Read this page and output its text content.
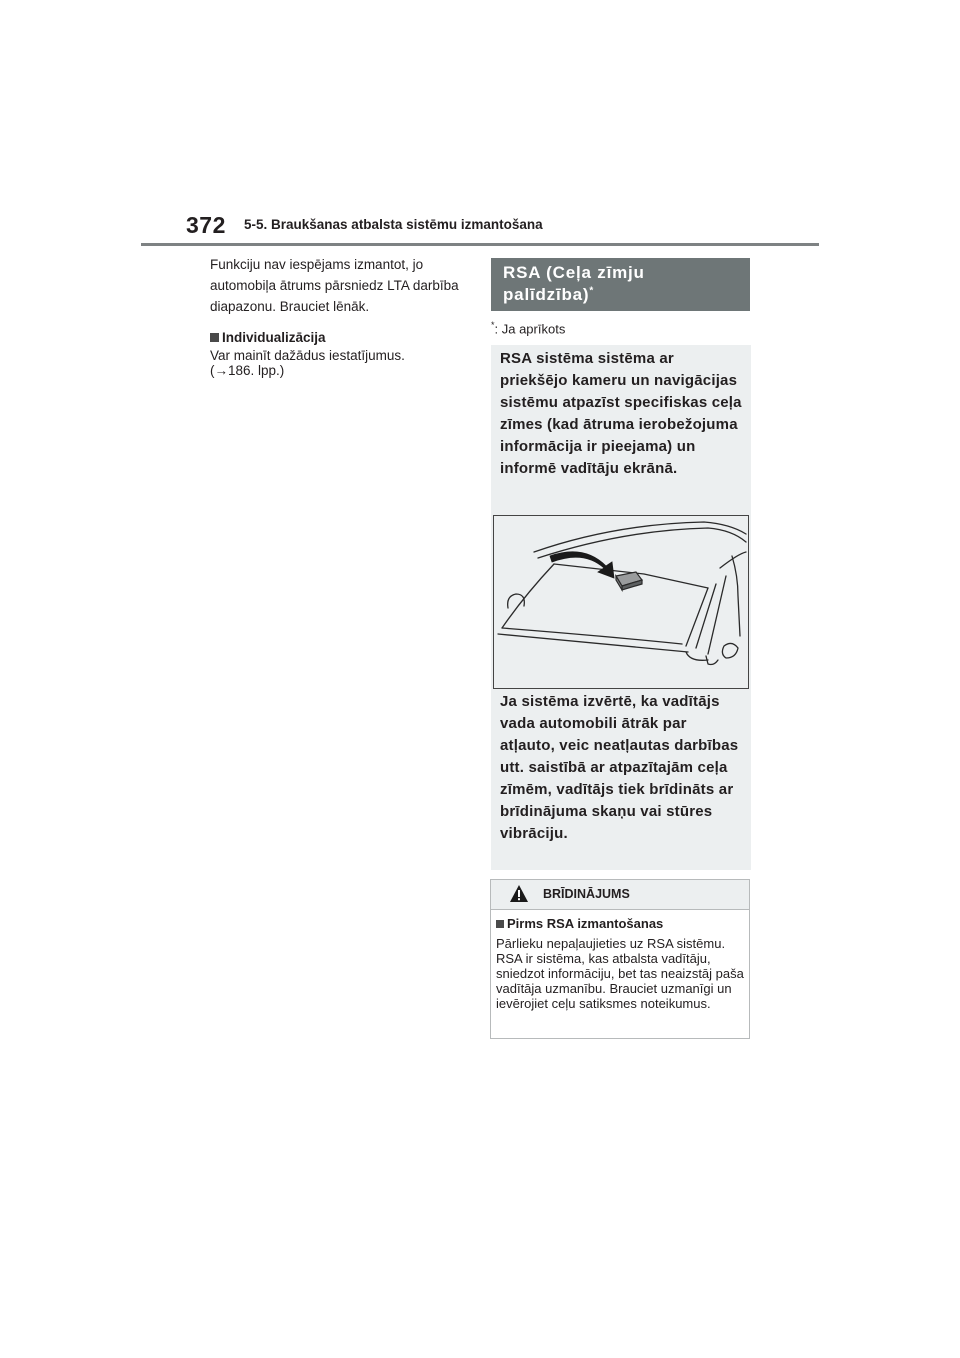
372 5-5. Braukšanas atbalsta sistēmu izmantošana

Funkciju nav iespējams izmantot, jo automobiļa ātrums pārsniedz LTA darbība diapazonu. Brauciet lēnāk.

Individualizācija

Var mainīt dažādus iestatījumus.

(→186. lpp.)

RSA (Ceļa zīmju palīdzība)*
*: Ja aprīkots
RSA sistēma sistēma ar priekšējo kameru un navigācijas sistēmu atpazīst specifiskas ceļa zīmes (kad ātruma ierobežojuma informācija ir pieejama) un informē vadītāju ekrānā.
Ja sistēma izvērtē, ka vadītājs vada automobili ātrāk par atļauto, veic neatļautas darbības utt. saistībā ar atpazītajām ceļa zīmēm, vadītājs tiek brīdināts ar brīdinājuma skaņu vai stūres vibrāciju.
BRĪDINĀJUMS

Pirms RSA izmantošanas

Pārlieku nepaļaujieties uz RSA sistēmu. RSA ir sistēma, kas atbalsta vadītāju, sniedzot informāciju, bet tas neaizstāj paša vadītāja uzmanību. Brauciet uzmanīgi un ievērojiet ceļu satiksmes noteikumus.
